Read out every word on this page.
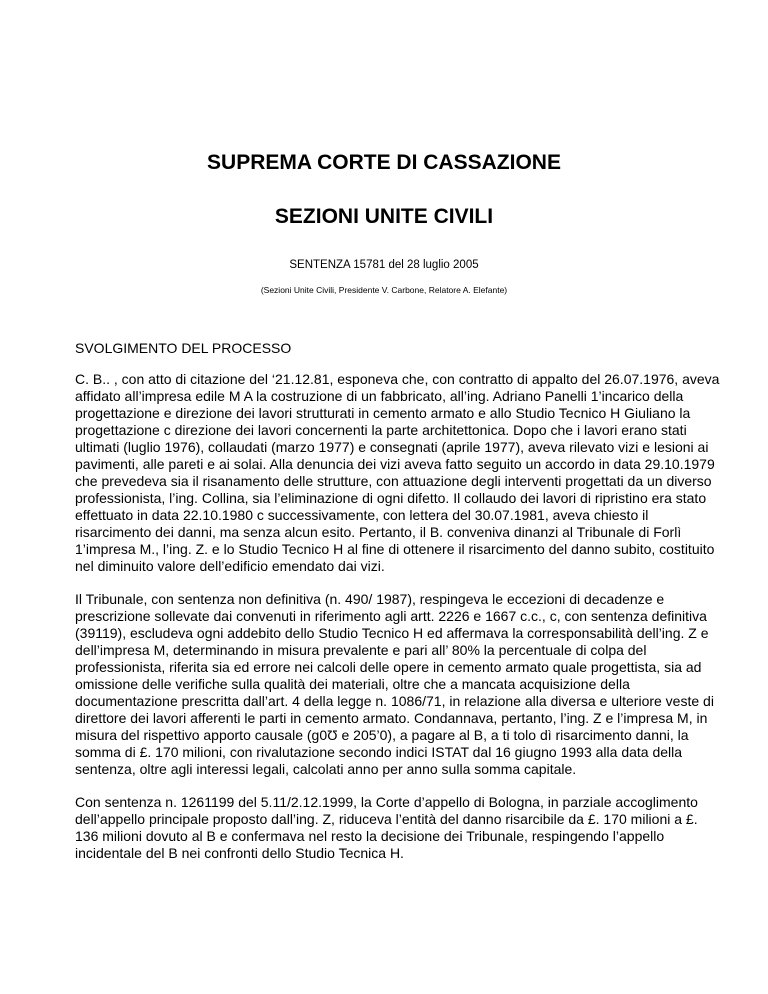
SUPREMA CORTE DI CASSAZIONE
SEZIONI UNITE CIVILI

SENTENZA 15781 del 28 luglio 2005

(Sezioni Unite Civili, Presidente V. Carbone, Relatore A. Elefante)

SVOLGIMENTO DEL PROCESSO

C. B.. , con atto di citazione del ‘21.12.81, esponeva che, con contratto di appalto del 26.07.1976, aveva affidato all’impresa edile M A la costruzione di un fabbricato, all’ing. Adriano Panelli 1’incarico della progettazione e direzione dei lavori strutturati in cemento armato e allo Studio Tecnico H Giuliano la progettazione c direzione dei lavori concernenti la parte architettonica. Dopo che i lavori erano stati ultimati (luglio 1976), collaudati (marzo 1977) e consegnati (aprile 1977), aveva rilevato vizi e lesioni ai pavimenti, alle pareti e ai solai. Alla denuncia dei vizi aveva fatto seguito un accordo in data 29.10.1979 che prevedeva sia il risanamento delle strutture, con attuazione degli interventi progettati da un diverso professionista, l’ing. Collina, sia l’eliminazione di ogni difetto. Il collaudo dei lavori di ripristino era stato effettuato in data 22.10.1980 c successivamente, con lettera del 30.07.1981, aveva chiesto il risarcimento dei danni, ma senza alcun esito. Pertanto, il B. conveniva dinanzi al Tribunale di Forlì 1’impresa M., l’ing. Z. e lo Studio Tecnico H al fine di ottenere il risarcimento del danno subito, costituito nel diminuito valore dell’edificio emendato dai vizi.

Il Tribunale, con sentenza non definitiva (n. 490/ 1987), respingeva le eccezioni di decadenze e prescrizione sollevate dai convenuti in riferimento agli artt. 2226 e 1667 c.c., c, con sentenza definitiva (39119), escludeva ogni addebito dello Studio Tecnico H ed affermava la corresponsabilità dell’ing. Z e dell’impresa M, determinando in misura prevalente e pari all’ 80% la percentuale di colpa del professionista, riferita sia ed errore nei calcoli delle opere in cemento armato quale progettista, sia ad omissione delle verifiche sulla qualità dei materiali, oltre che a mancata acquisizione della documentazione prescritta dall’art. 4 della legge n. 1086/71, in relazione alla diversa e ulteriore veste di direttore dei lavori afferenti le parti in cemento armato. Condannava, pertanto, l’ing. Z e l’impresa M, in misura del rispettivo apporto causale (g0Ʊ e 205’0), a pagare al B, a ti tolo dì risarcimento danni, la somma di £. 170 milioni, con rivalutazione secondo indici ISTAT dal 16 giugno 1993 alla data della sentenza, oltre agli interessi legali, calcolati anno per anno sulla somma capitale.

Con sentenza n. 1261199 del 5.11/2.12.1999, la Corte d’appello di Bologna, in parziale accoglimento dell’appello principale proposto dall’ing. Z, riduceva l’entità del danno risarcibile da £. 170 milioni a £. 136 milioni dovuto al B e confermava nel resto la decisione dei Tribunale, respingendo l’appello incidentale del B nei confronti dello Studio Tecnica H.
